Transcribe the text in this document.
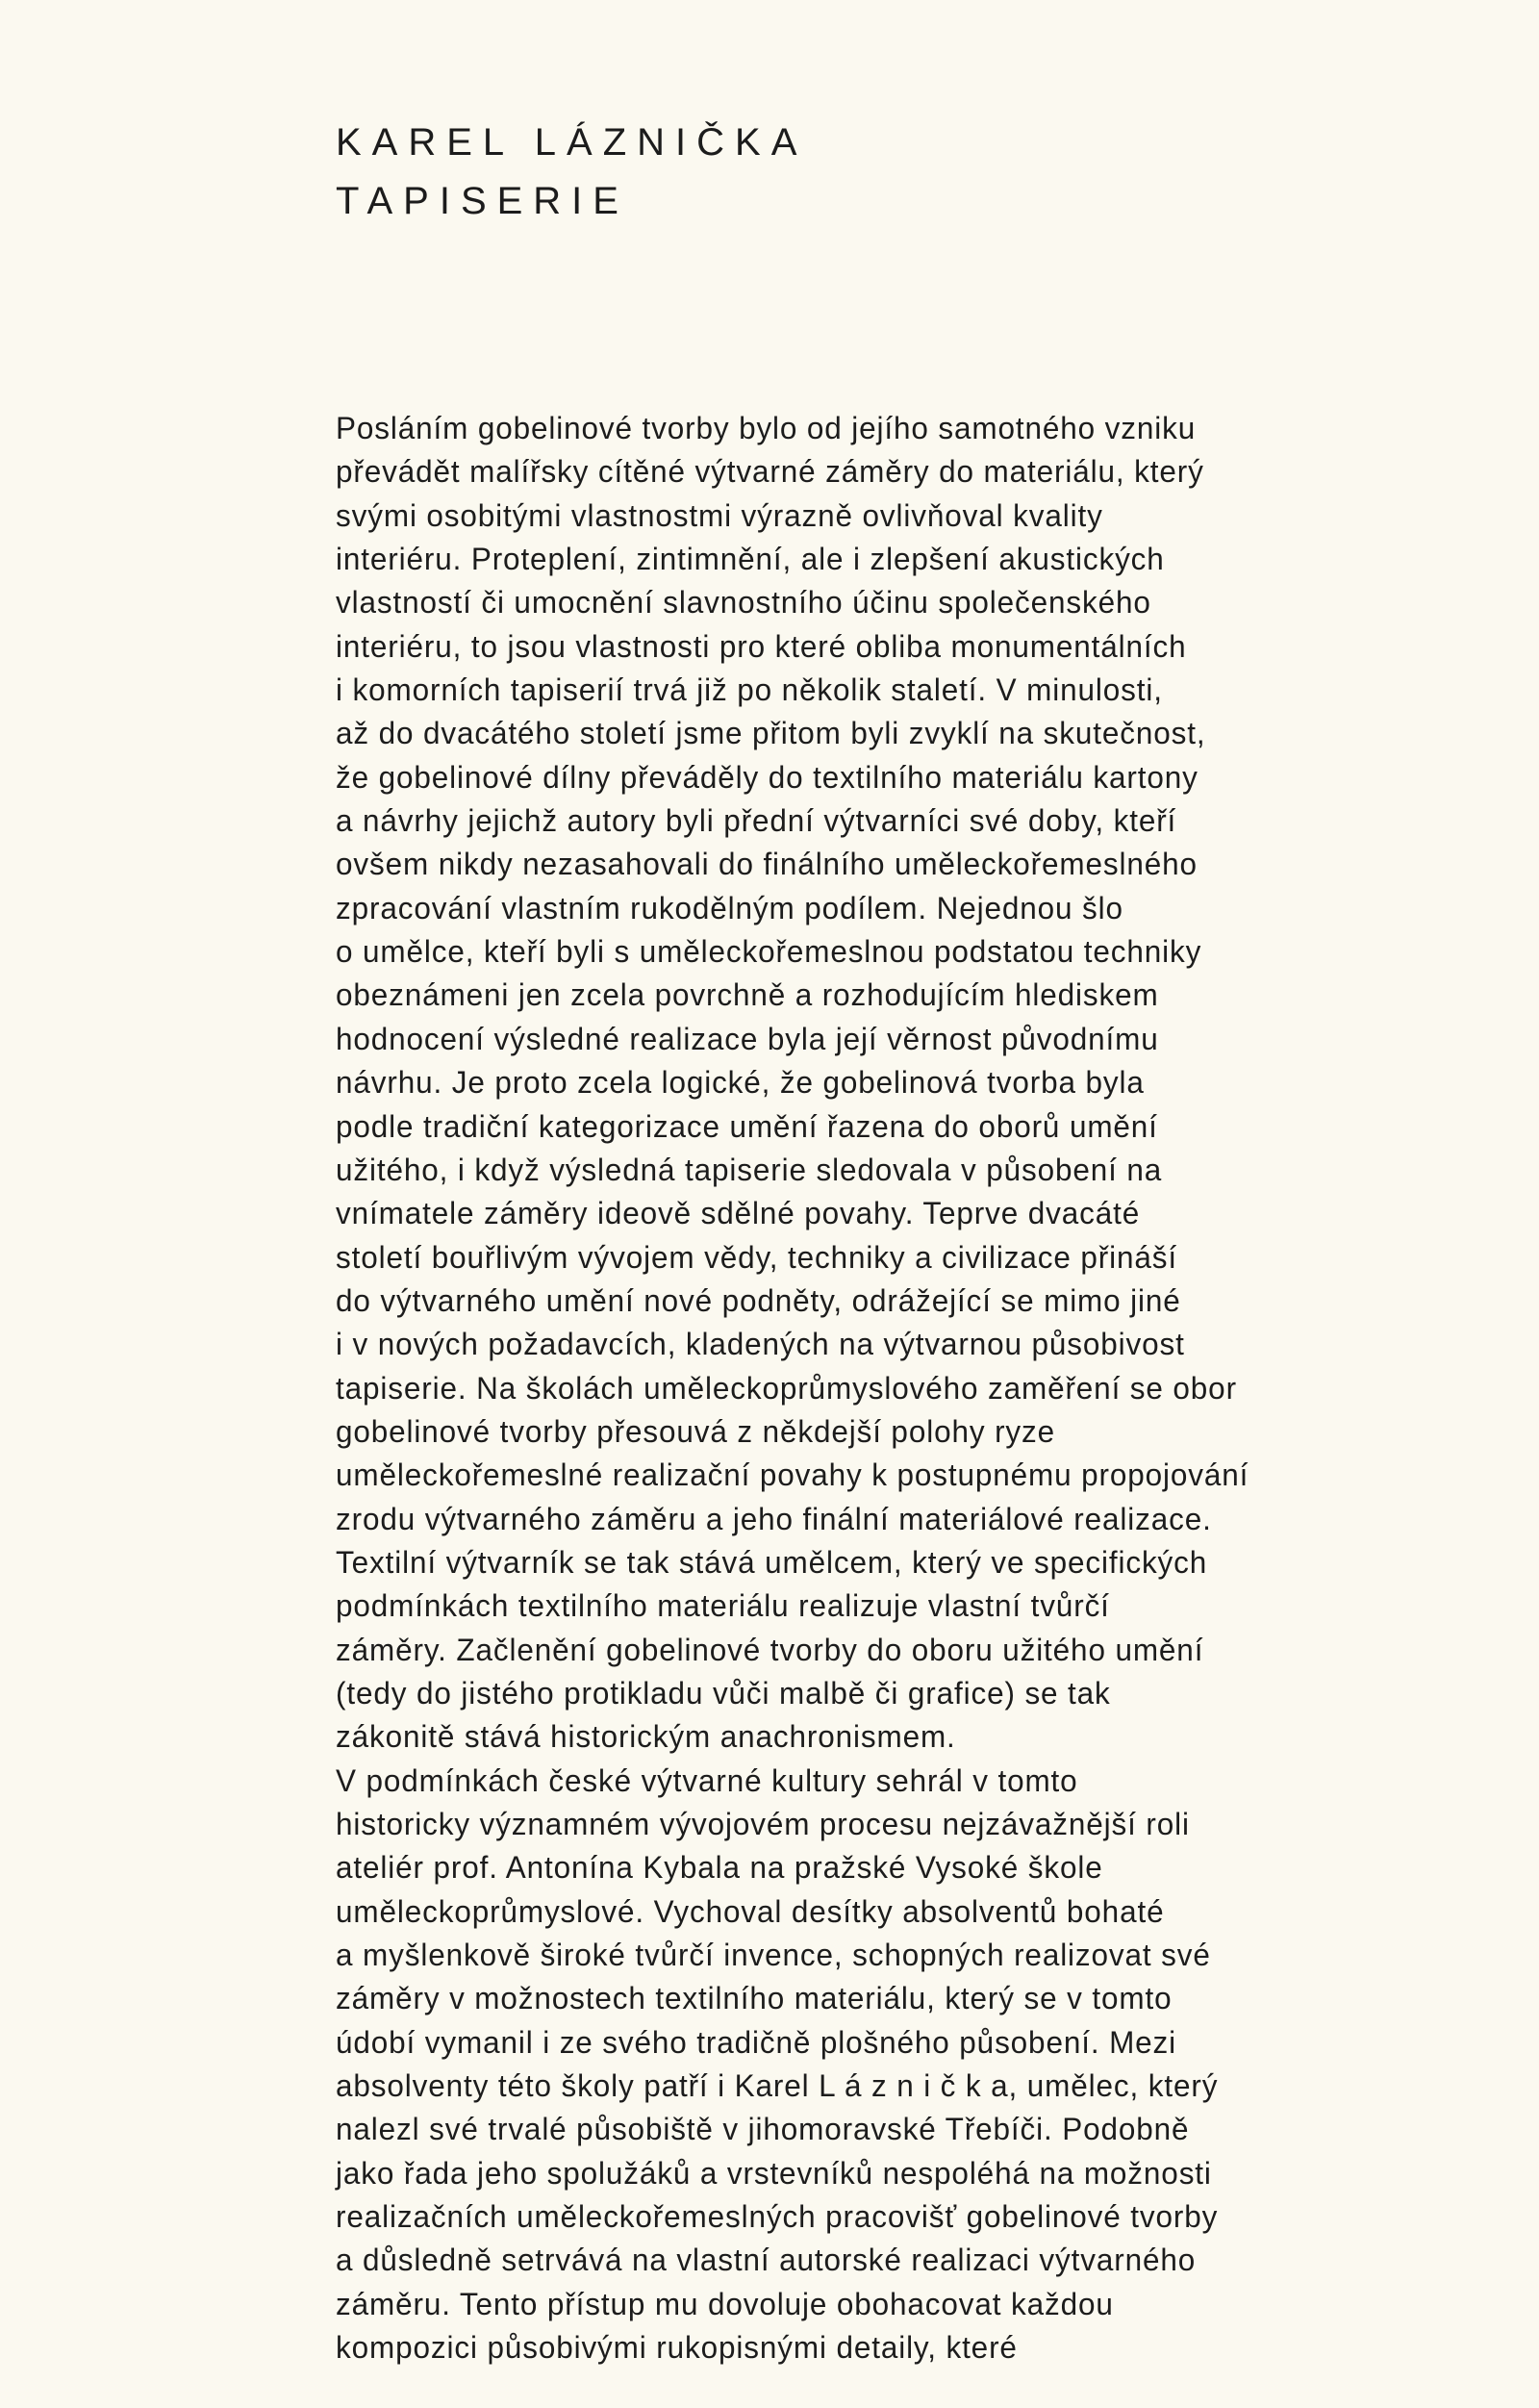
KAREL LÁZNIČKA
TAPISERIE
Posláním gobelinové tvorby bylo od jejího samotného vzniku
převádět malířsky cítěné výtvarné záměry do materiálu, který
svými osobitými vlastnostmi výrazně ovlivňoval kvality
interiéru. Proteplení, zintimnění, ale i zlepšení akustických
vlastností či umocnění slavnostního účinu společenského
interiéru, to jsou vlastnosti pro které obliba monumentálních
i komorních tapiserií trvá již po několik staletí. V minulosti,
až do dvacátého století jsme přitom byli zvyklí na skutečnost,
že gobelinové dílny převáděly do textilního materiálu kartony
a návrhy jejichž autory byli přední výtvarníci své doby, kteří
ovšem nikdy nezasahovali do finálního uměleckořemeslného
zpracování vlastním rukodělným podílem. Nejednou šlo
o umělce, kteří byli s uměleckořemeslnou podstatou techniky
obeznámeni jen zcela povrchně a rozhodujícím hlediskem
hodnocení výsledné realizace byla její věrnost původnímu
návrhu. Je proto zcela logické, že gobelinová tvorba byla
podle tradiční kategorizace umění řazena do oborů umění
užitého, i když výsledná tapiserie sledovala v působení na
vnímatele záměry ideově sdělné povahy. Teprve dvacáté
století bouřlivým vývojem vědy, techniky a civilizace přináší
do výtvarného umění nové podněty, odrážející se mimo jiné
i v nových požadavcích, kladených na výtvarnou působivost
tapiserie. Na školách uměleckoprůmyslového zaměření se obor
gobelinové tvorby přesouvá z někdejší polohy ryze
uměleckořemeslné realizační povahy k postupnému propojování
zrodu výtvarného záměru a jeho finální materiálové realizace.
Textilní výtvarník se tak stává umělcem, který ve specifických
podmínkách textilního materiálu realizuje vlastní tvůrčí
záměry. Začlenění gobelinové tvorby do oboru užitého umění
(tedy do jistého protikladu vůči malbě či grafice) se tak
zákonitě stává historickým anachronismem.
V podmínkách české výtvarné kultury sehrál v tomto
historicky významném vývojovém procesu nejzávažnější roli
ateliér prof. Antonína Kybala na pražské Vysoké škole
uměleckoprůmyslové. Vychoval desítky absolventů bohaté
a myšlenkově široké tvůrčí invence, schopných realizovat své
záměry v možnostech textilního materiálu, který se v tomto
údobí vymanil i ze svého tradičně plošného působení. Mezi
absolventy této školy patří i Karel L á z n i č k a, umělec, který
nalezl své trvalé působiště v jihomoravské Třebíči. Podobně
jako řada jeho spolužáků a vrstevníků nespoléhá na možnosti
realizačních uměleckořemeslných pracovišť gobelinové tvorby
a důsledně setrvává na vlastní autorské realizaci výtvarného
záměru. Tento přístup mu dovoluje obohacovat každou
kompozici působivými rukopisnými detaily, které
